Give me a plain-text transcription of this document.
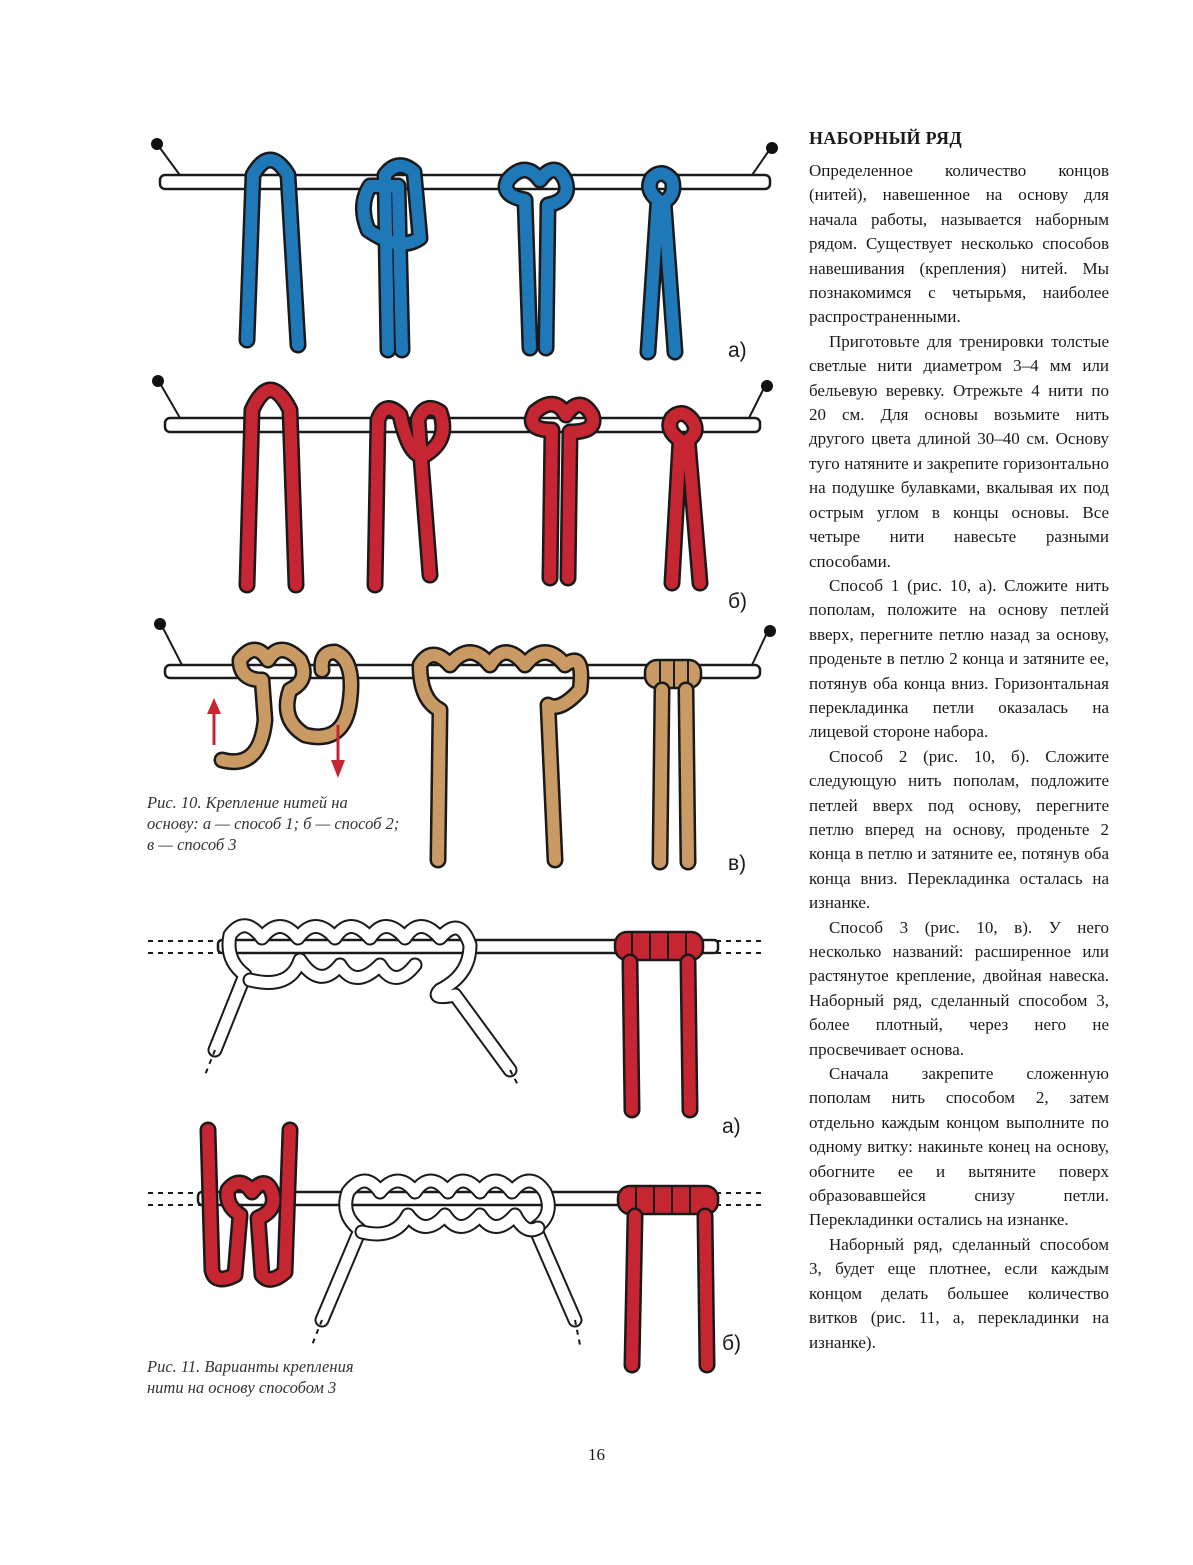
а)
б)
в)
а)
б)
Рис. 10. Крепление нитей на
основу: а — способ 1; б — способ 2;
в — способ 3
Рис. 11. Варианты крепления
нити на основу способом 3
НАБОРНЫЙ РЯД

Определенное количество концов (нитей), навешенное на основу для начала работы, называется наборным рядом. Существует несколько способов навешивания (крепления) нитей. Мы познакомимся с четырьмя, наиболее распространенными.

Приготовьте для тренировки толстые светлые нити диаметром 3–4 мм или бельевую веревку. Отрежьте 4 нити по 20 см. Для основы возьмите нить другого цвета длиной 30–40 см. Основу туго натяните и закрепите горизонтально на подушке булавками, вкалывая их под острым углом в концы основы. Все четыре нити навесьте разными способами.

Способ 1 (рис. 10, а). Сложите нить пополам, положите на основу петлей вверх, перегните петлю назад за основу, проденьте в петлю 2 конца и затяните ее, потянув оба конца вниз. Горизонтальная перекладинка петли оказалась на лицевой стороне набора.

Способ 2 (рис. 10, б). Сложите следующую нить пополам, подложите петлей вверх под основу, перегните петлю вперед на основу, проденьте 2 конца в петлю и затяните ее, потянув оба конца вниз. Перекладинка осталась на изнанке.

Способ 3 (рис. 10, в). У него несколько названий: расширенное или растянутое крепление, двойная навеска. Наборный ряд, сделанный способом 3, более плотный, через него не просвечивает основа.

Сначала закрепите сложенную пополам нить способом 2, затем отдельно каждым концом выполните по одному витку: накиньте конец на основу, обогните ее и вытяните поверх образовавшейся снизу петли. Перекладинки остались на изнанке.

Наборный ряд, сделанный способом 3, будет еще плотнее, если каждым концом делать большее количество витков (рис. 11, а, перекладинки на изнанке).

16
